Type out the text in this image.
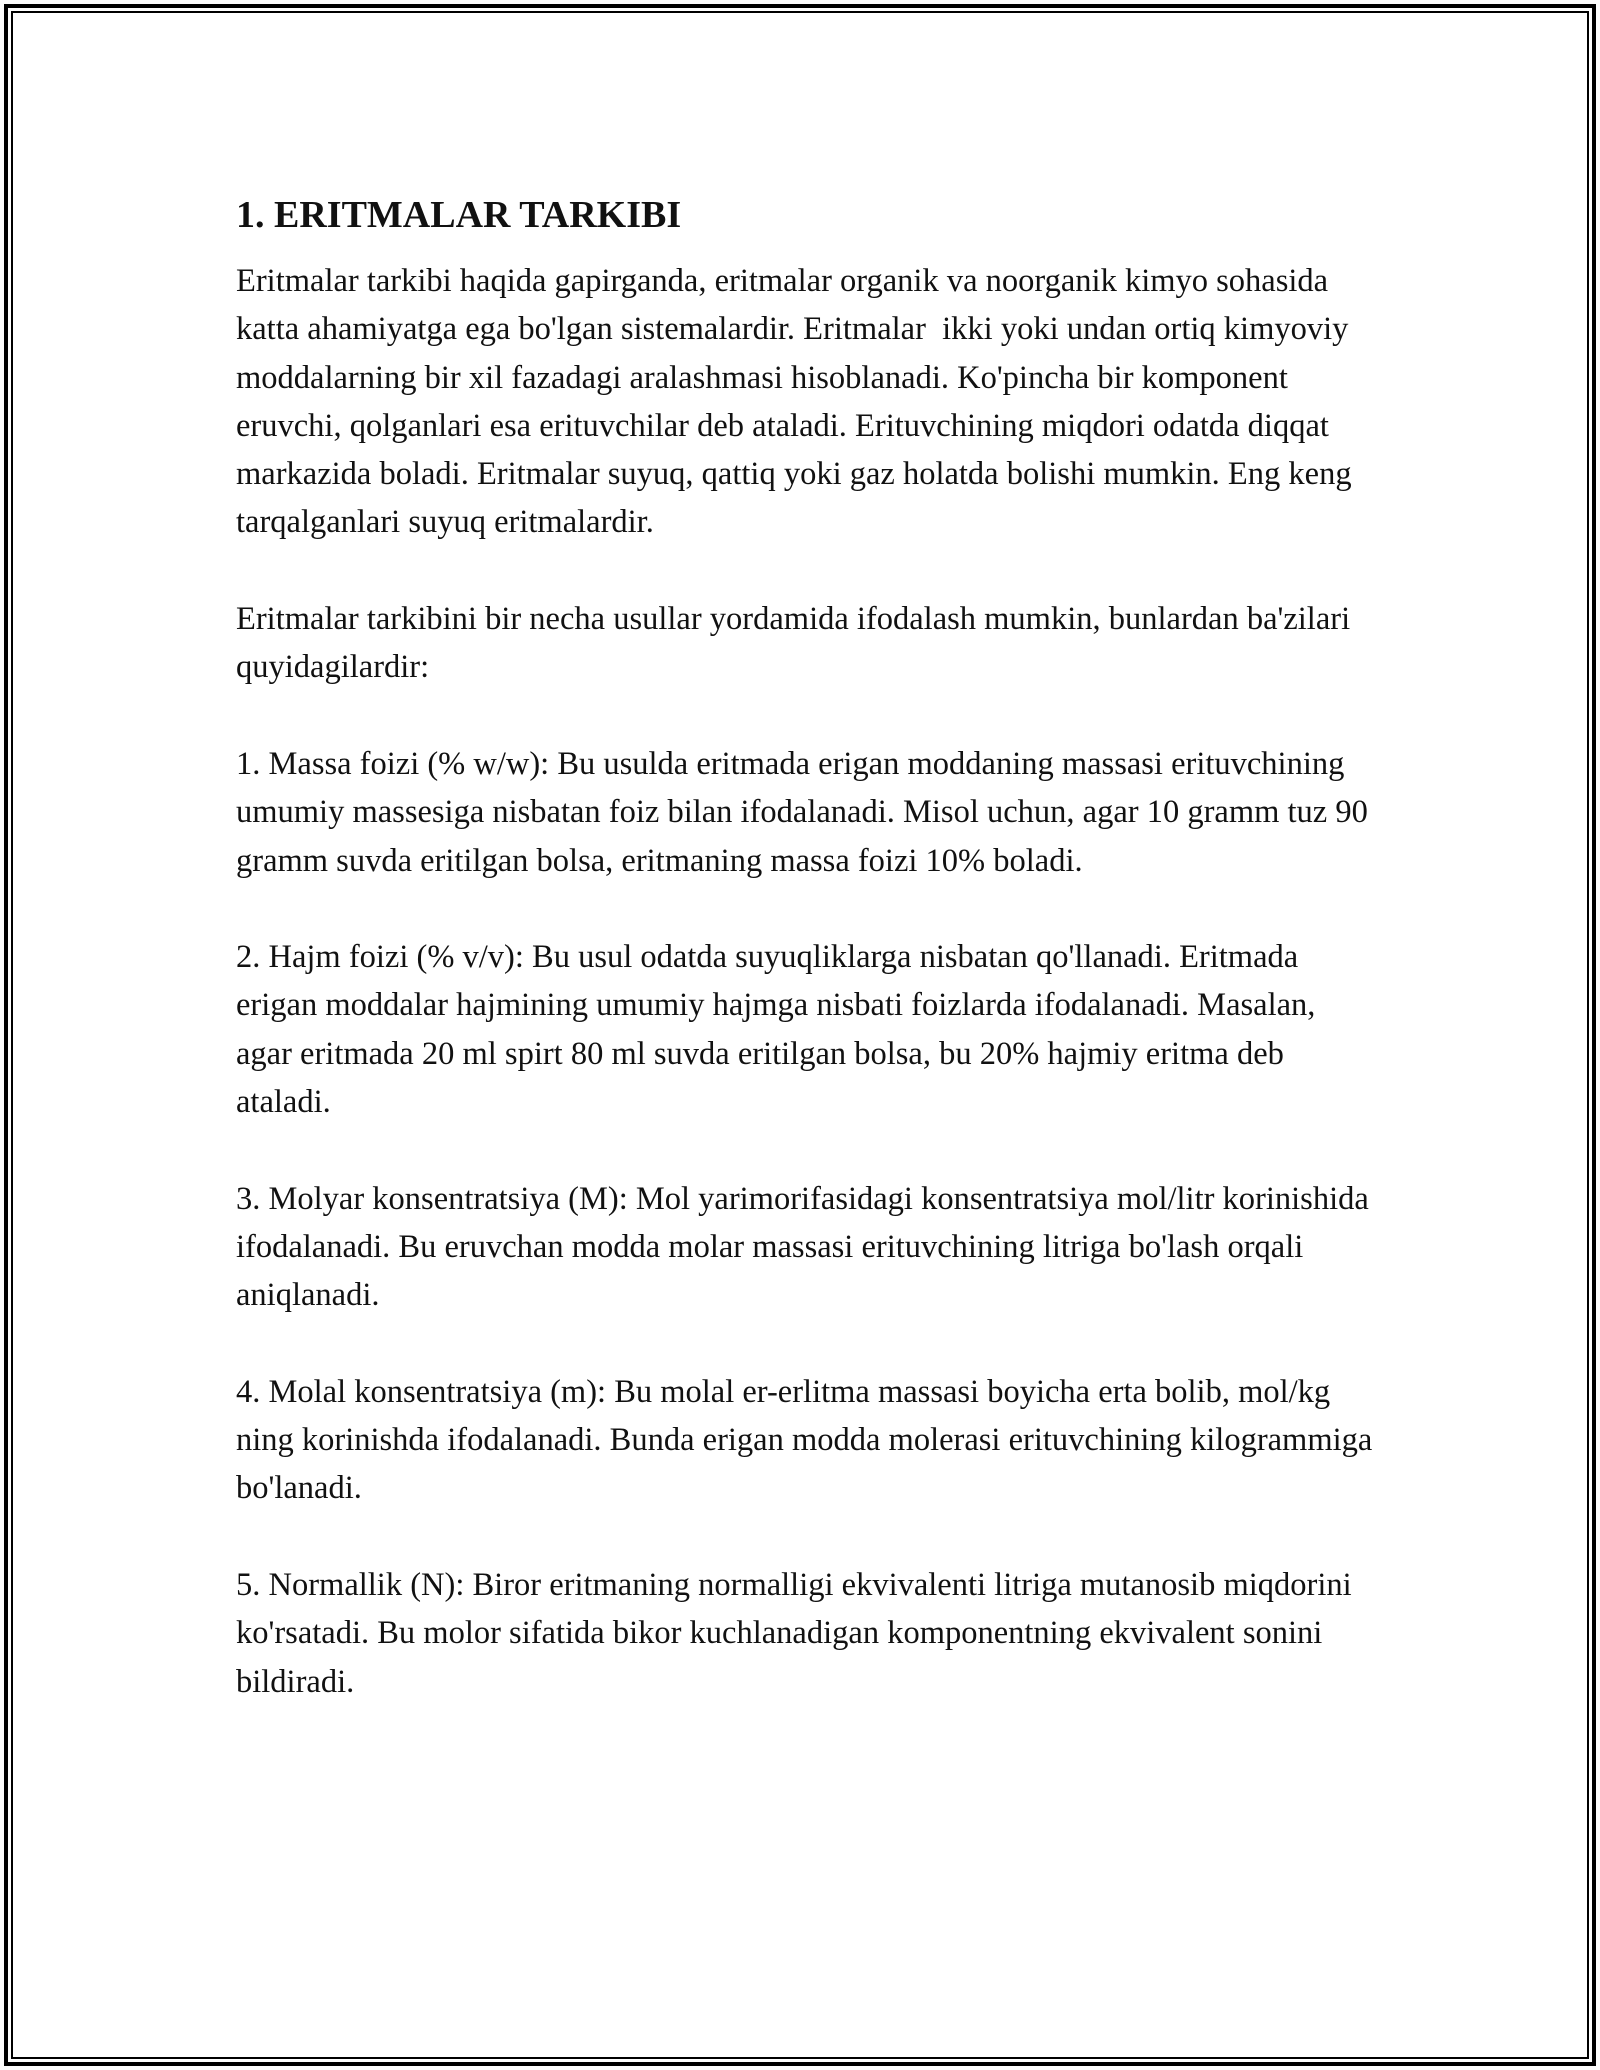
1. ERITMALAR TARKIBI
Eritmalar tarkibi haqida gapirganda, eritmalar organik va noorganik kimyo sohasida katta ahamiyatga ega bo'lgan sistemalardir. Eritmalar  ikki yoki undan ortiq kimyoviy moddalarning bir xil fazadagi aralashmasi hisoblanadi. Ko'pincha bir komponent  eruvchi, qolganlari esa erituvchilar deb ataladi. Erituvchining miqdori odatda diqqat markazida boladi. Eritmalar suyuq, qattiq yoki gaz holatda bolishi mumkin. Eng keng tarqalganlari suyuq eritmalardir.
Eritmalar tarkibini bir necha usullar yordamida ifodalash mumkin, bunlardan ba'zilari quyidagilardir:
1. Massa foizi (% w/w): Bu usulda eritmada erigan moddaning massasi erituvchining umumiy massesiga nisbatan foiz bilan ifodalanadi. Misol uchun, agar 10 gramm tuz 90 gramm suvda eritilgan bolsa, eritmaning massa foizi 10% boladi.
2. Hajm foizi (% v/v): Bu usul odatda suyuqliklarga nisbatan qo'llanadi. Eritmada erigan moddalar hajmining umumiy hajmga nisbati foizlarda ifodalanadi. Masalan, agar eritmada 20 ml spirt 80 ml suvda eritilgan bolsa, bu 20% hajmiy eritma deb ataladi.
3. Molyar konsentratsiya (M): Mol yarimorifasidagi konsentratsiya mol/litr korinishida ifodalanadi. Bu eruvchan modda molar massasi erituvchining litriga bo'lash orqali aniqlanadi.
4. Molal konsentratsiya (m): Bu molal er-erlitma massasi boyicha erta bolib, mol/kg ning korinishda ifodalanadi. Bunda erigan modda molerasi erituvchining kilogrammiga bo'lanadi.
5. Normallik (N): Biror eritmaning normalligi ekvivalenti litriga mutanosib miqdorini ko'rsatadi. Bu molor sifatida bikor kuchlanadigan komponentning ekvivalent sonini bildiradi.
